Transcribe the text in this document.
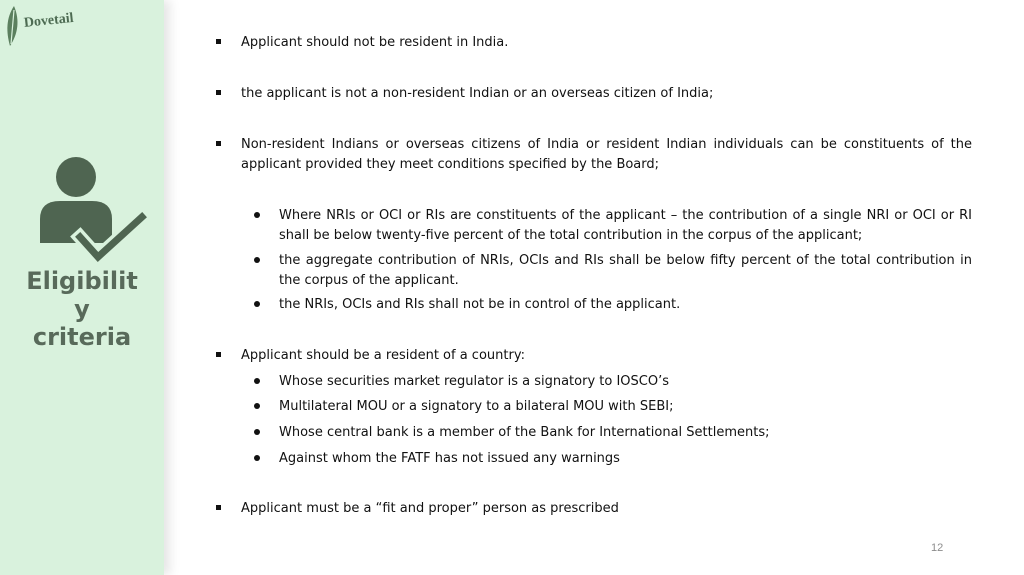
Dovetail
Eligibilit
y
criteria
Applicant should not be resident in India.
the applicant is not a non-resident Indian or an overseas citizen of India;
Non-resident Indians or overseas citizens of India or resident Indian individuals can be constituents of the applicant provided they meet conditions specified by the Board;
Where NRIs or OCI or RIs are constituents of the applicant – the contribution of a single NRI or OCI or RI shall be below twenty-five percent of the total contribution in the corpus of the applicant;
the aggregate contribution of NRIs, OCIs and RIs shall be below fifty percent of the total contribution in the corpus of the applicant.
the NRIs, OCIs and RIs shall not be in control of the applicant.
Applicant should be a resident of a country:
Whose securities market regulator is a signatory to IOSCO’s
Multilateral MOU or a signatory to a bilateral MOU with SEBI;
Whose central bank is a member of the Bank for International Settlements;
Against whom the FATF has not issued any warnings
Applicant must be a “fit and proper” person as prescribed
12
